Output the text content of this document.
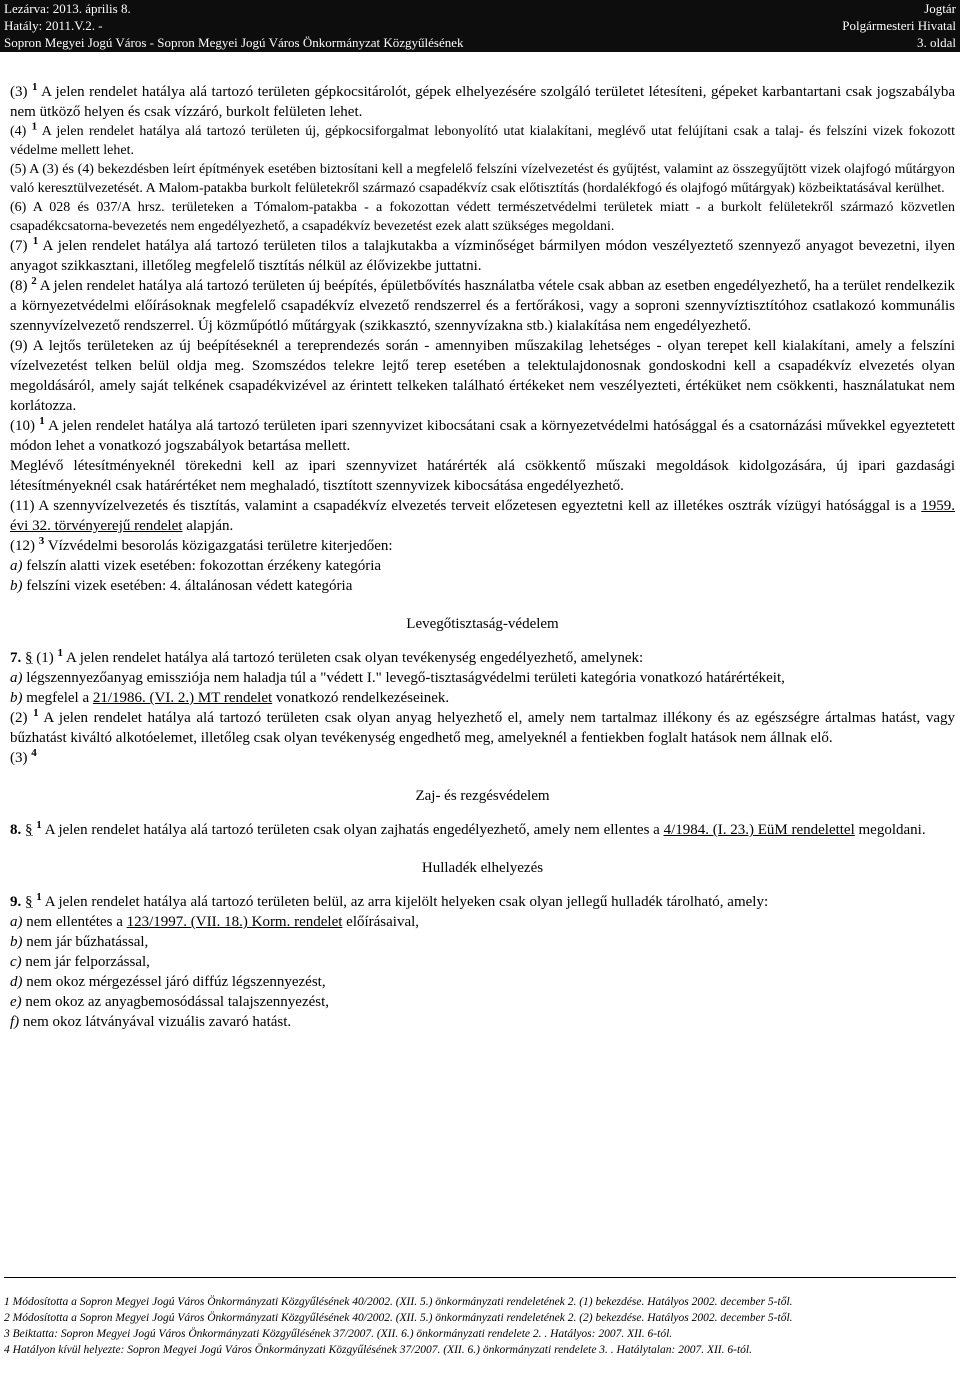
Lezárva: 2013. április 8.
Hatály: 2011.V.2. -
Sopron Megyei Jogú Város - Sopron Megyei Jogú Város Önkormányzat Közgyűlésének
Jogtár
Polgármesteri Hivatal
3. oldal
(3) $^1$ A jelen rendelet hatálya alá tartozó területen gépkocsitárolót, gépek elhelyezésére szolgáló területet létesíteni, gépeket karbantartani csak jogszabályba nem ütköző helyen és csak vízzáró, burkolt felületen lehet.
(4) $^1$ A jelen rendelet hatálya alá tartozó területen új, gépkocsiforgalmat lebonyolító utat kialakítani, meglévő utat felújítani csak a talaj- és felszíni vizek fokozott védelme mellett lehet.
(5) A (3) és (4) bekezdésben leírt építmények esetében biztosítani kell a megfelelő felszíni vízelvezetést és gyűjtést, valamint az összegyűjtött vizek olajfogó műtárgyon való keresztülvezetését. A Malom-patakba burkolt felületekről származó csapadékvíz csak előtisztítás (hordalékfogó és olajfogó műtárgyak) közbeiktatásával kerülhet.
(6) A 028 és 037/A hrsz. területeken a Tómalom-patakba - a fokozottan védett természetvédelmi területek miatt - a burkolt felületekről származó közvetlen csapadékcsatorna-bevezetés nem engedélyezhető, a csapadékvíz bevezetést ezek alatt szükséges megoldani.
(7) $^1$ A jelen rendelet hatálya alá tartozó területen tilos a talajkutakba a vízminőséget bármilyen módon veszélyeztető szennyező anyagot bevezetni, ilyen anyagot szikkasztani, illetőleg megfelelő tisztítás nélkül az élővizekbe juttatni.
(8) $^2$ A jelen rendelet hatálya alá tartozó területen új beépítés, épületbővítés használatba vétele csak abban az esetben engedélyezhető, ha a terület rendelkezik a környezetvédelmi előírásoknak megfelelő csapadékvíz elvezető rendszerrel és a fertőrákosi, vagy a soproni szennyvíztisztítóhoz csatlakozó kommunális szennyvízelvezető rendszerrel. Új közműpótló műtárgyak (szikkasztó, szennyvízakna stb.) kialakítása nem engedélyezhető.
(9) A lejtős területeken az új beépítéseknél a tereprendezés során - amennyiben műszakilag lehetséges - olyan terepet kell kialakítani, amely a felszíni vízelvezetést telken belül oldja meg. Szomszédos telekre lejtő terep esetében a telektulajdonosnak gondoskodni kell a csapadékvíz elvezetés olyan megoldásáról, amely saját telkének csapadékvizével az érintett telkeken található értékeket nem veszélyezteti, értéküket nem csökkenti, használatukat nem korlátozza.
(10) $^1$ A jelen rendelet hatálya alá tartozó területen ipari szennyvizet kibocsátani csak a környezetvédelmi hatósággal és a csatornázási művekkel egyeztetett módon lehet a vonatkozó jogszabályok betartása mellett.
Meglévő létesítményeknél törekedni kell az ipari szennyvizet határérték alá csökkentő műszaki megoldások kidolgozására, új ipari gazdasági létesítményeknél csak határértéket nem meghaladó, tisztított szennyvizek kibocsátása engedélyezhető.
(11) A szennyvízelvezetés és tisztítás, valamint a csapadékvíz elvezetés terveit előzetesen egyeztetni kell az illetékes osztrák vízügyi hatósággal is a 1959. évi 32. törvényerejű rendelet alapján.
(12) $^3$ Vízvédelmi besorolás közigazgatási területre kiterjedően:
a) felszín alatti vizek esetében: fokozottan érzékeny kategória
b) felszíni vizek esetében: 4. általánosan védett kategória
Levegőtisztaság-védelem
7. § (1) $^1$ A jelen rendelet hatálya alá tartozó területen csak olyan tevékenység engedélyezhető, amelynek:
a) légszennyezőanyag emissziója nem haladja túl a "védett I." levegő-tisztaságvédelmi területi kategória vonatkozó határértékeit,
b) megfelel a 21/1986. (VI. 2.) MT rendelet vonatkozó rendelkezéseinek.
(2) $^1$ A jelen rendelet hatálya alá tartozó területen csak olyan anyag helyezhető el, amely nem tartalmaz illékony és az egészségre ártalmas hatást, vagy bűzhatást kiváltó alkotóelemet, illetőleg csak olyan tevékenység engedhető meg, amelyeknél a fentiekben foglalt hatások nem állnak elő.
(3) $^4$
Zaj- és rezgésvédelem
8. § $^1$ A jelen rendelet hatálya alá tartozó területen csak olyan zajhatás engedélyezhető, amely nem ellentes a 4/1984. (I. 23.) EüM rendelettel megoldani.
Hulladék elhelyezés
9. § $^1$ A jelen rendelet hatálya alá tartozó területen belül, az arra kijelölt helyeken csak olyan jellegű hulladék tárolható, amely:
a) nem ellentétes a 123/1997. (VII. 18.) Korm. rendelet előírásaival,
b) nem jár bűzhatással,
c) nem jár felporzással,
d) nem okoz mérgezéssel járó diffúz légszennyezést,
e) nem okoz az anyagbemosódással talajszennyezést,
f) nem okoz látványával vizuális zavaró hatást.
1 Módosította a Sopron Megyei Jogú Város Önkormányzati Közgyűlésének 40/2002. (XII. 5.) önkormányzati rendeletének 2. (1) bekezdése. Hatályos 2002. december 5-től.
2 Módosította a Sopron Megyei Jogú Város Önkormányzati Közgyűlésének 40/2002. (XII. 5.) önkormányzati rendeletének 2. (2) bekezdése. Hatályos 2002. december 5-től.
3 Beiktatta: Sopron Megyei Jogú Város Önkormányzati Közgyűlésének 37/2007. (XII. 6.) önkormányzati rendelete 2. . Hatályos: 2007. XII. 6-tól.
4 Hatályon kívül helyezte: Sopron Megyei Jogú Város Önkormányzati Közgyűlésének 37/2007. (XII. 6.) önkormányzati rendelete 3. . Hatálytalan: 2007. XII. 6-tól.
